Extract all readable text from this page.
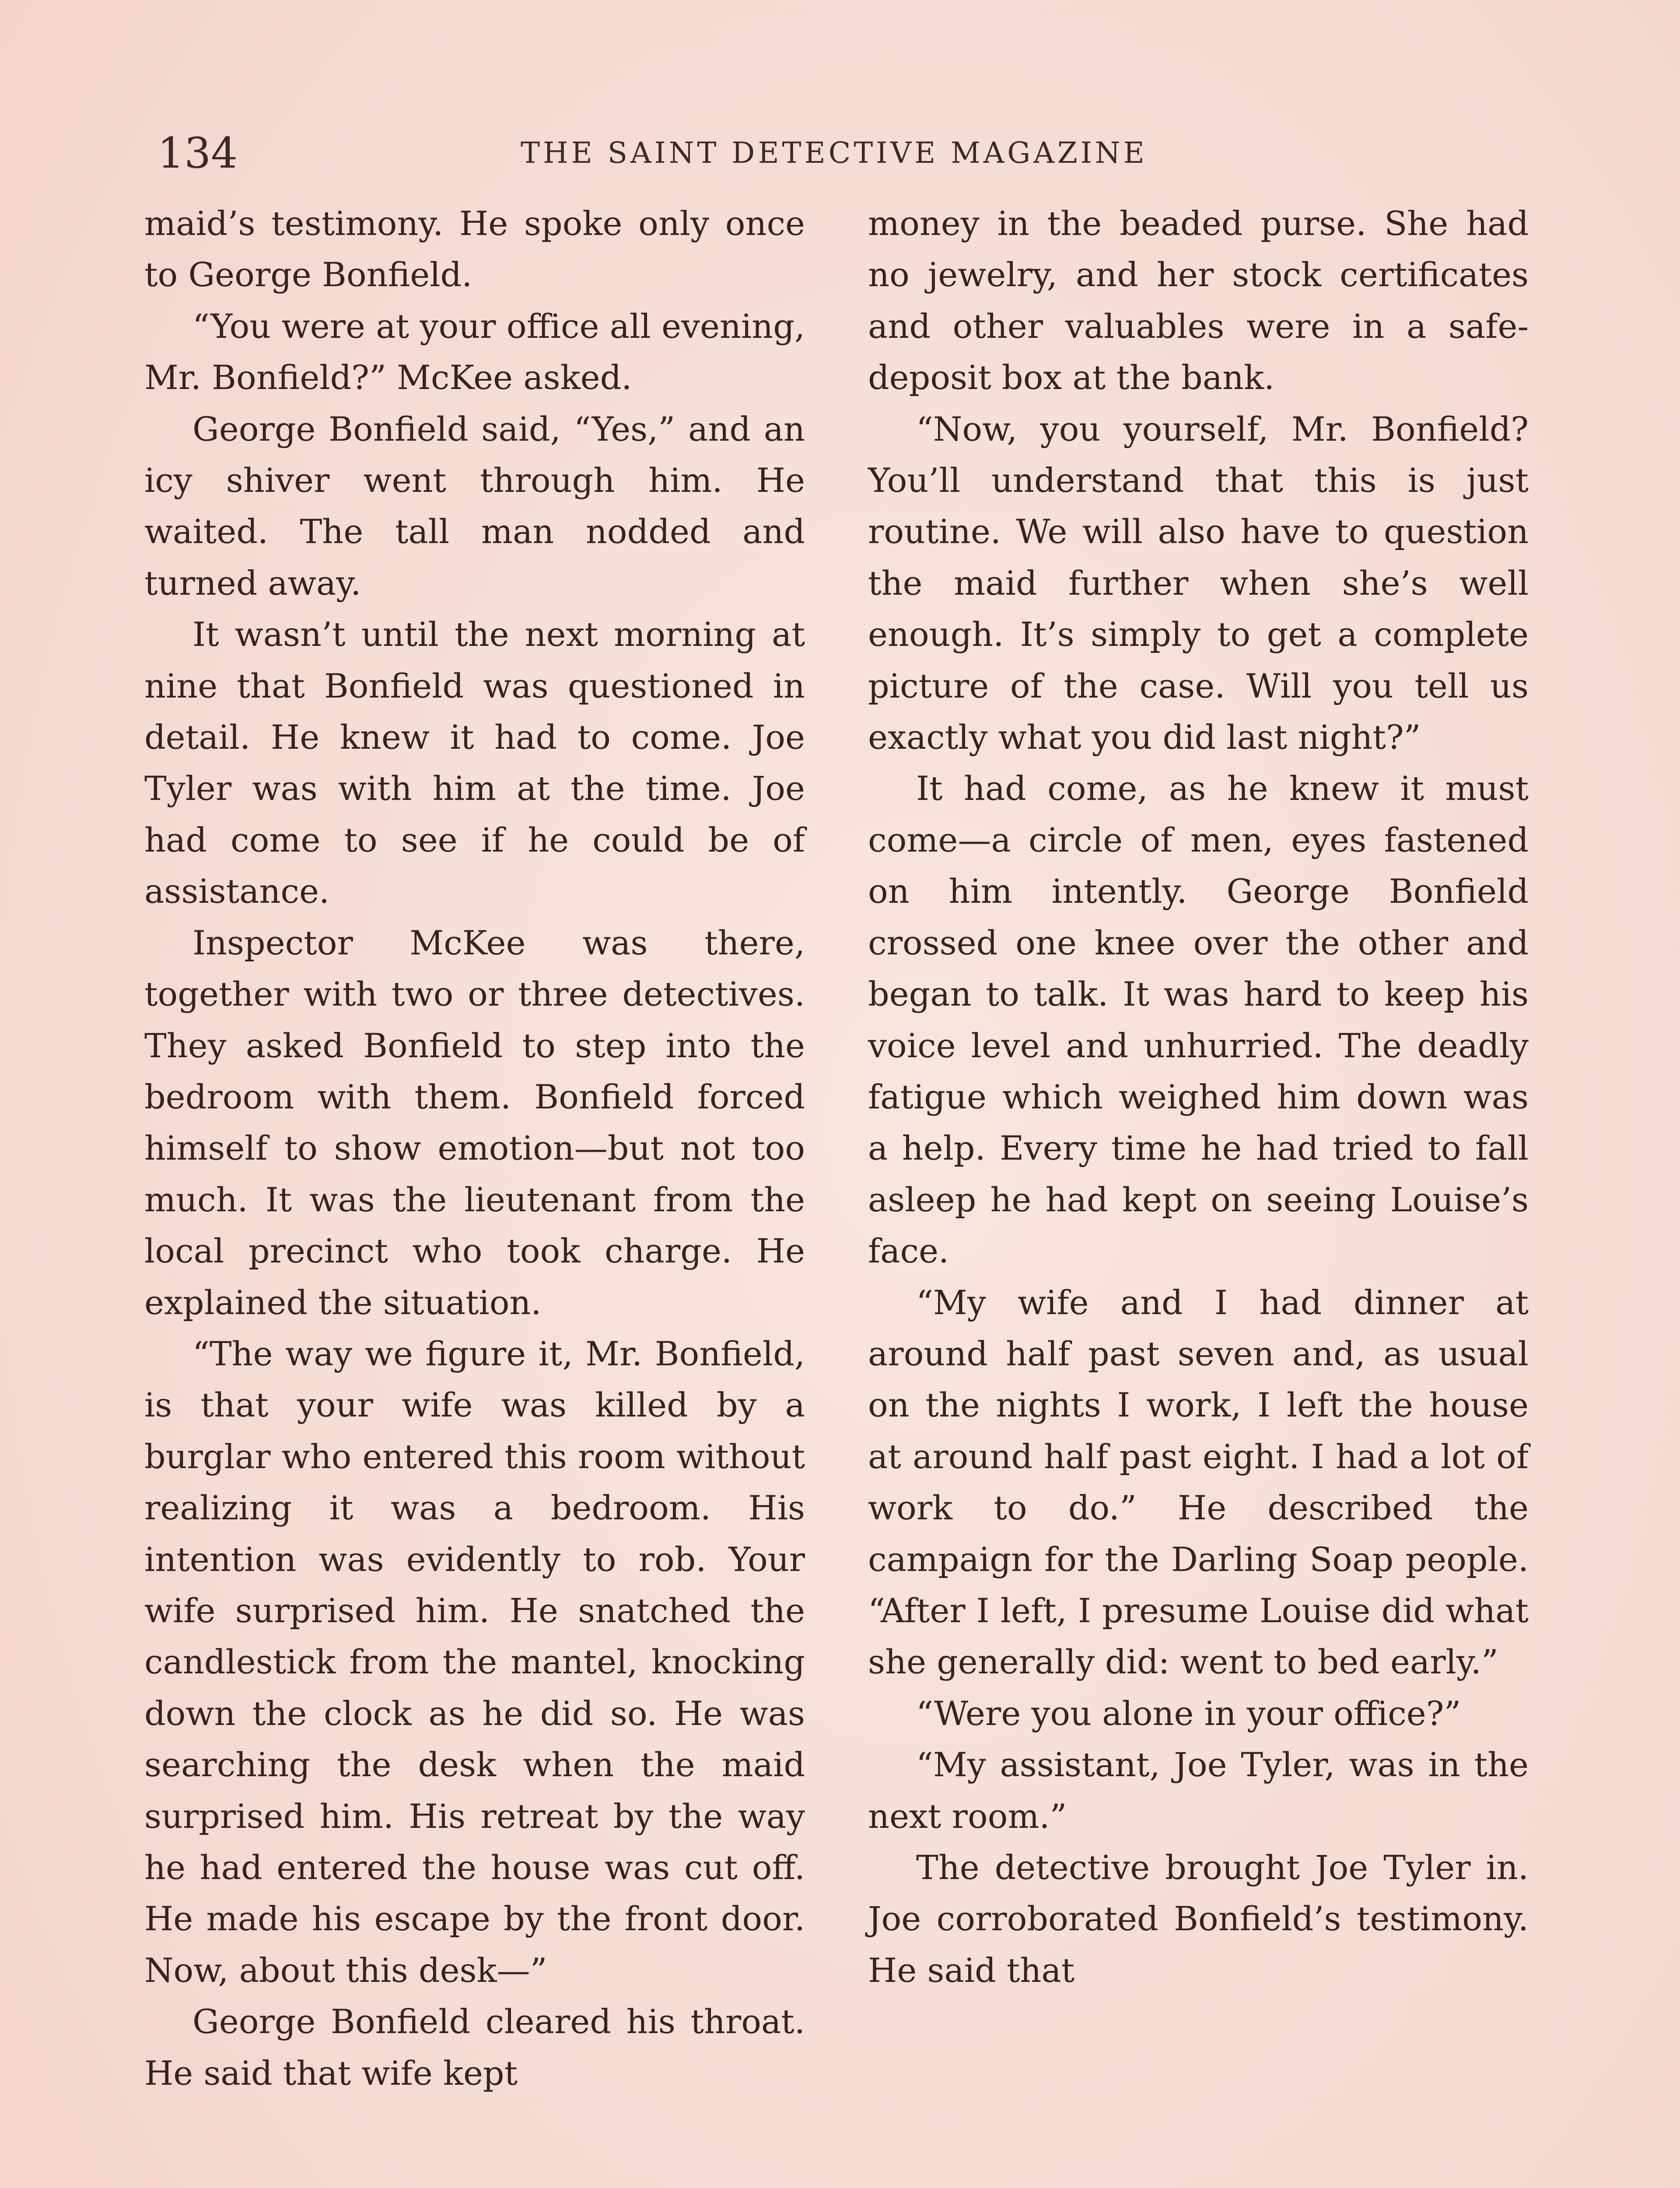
134	THE SAINT DETECTIVE MAGAZINE

maid’s testimony. He spoke only once to George Bonfield.

“You were at your office all evening, Mr. Bonfield?” McKee asked.

George Bonfield said, “Yes,” and an icy shiver went through him. He waited. The tall man nodded and turned away.

It wasn’t until the next morning at nine that Bonfield was questioned in detail. He knew it had to come. Joe Tyler was with him at the time. Joe had come to see if he could be of assistance.

Inspector McKee was there, together with two or three detectives. They asked Bonfield to step into the bedroom with them. Bonfield forced himself to show emotion—but not too much. It was the lieutenant from the local precinct who took charge. He explained the situation.

“The way we figure it, Mr. Bonfield, is that your wife was killed by a burglar who entered this room without realizing it was a bedroom. His intention was evidently to rob. Your wife surprised him. He snatched the candlestick from the mantel, knocking down the clock as he did so. He was searching the desk when the maid surprised him. His retreat by the way he had entered the house was cut off. He made his escape by the front door. Now, about this desk—”

George Bonfield cleared his throat. He said that wife kept

money in the beaded purse. She had no jewelry, and her stock certificates and other valuables were in a safe-deposit box at the bank.

“Now, you yourself, Mr. Bonfield? You’ll understand that this is just routine. We will also have to question the maid further when she’s well enough. It’s simply to get a complete picture of the case. Will you tell us exactly what you did last night?”

It had come, as he knew it must come—a circle of men, eyes fastened on him intently. George Bonfield crossed one knee over the other and began to talk. It was hard to keep his voice level and unhurried. The deadly fatigue which weighed him down was a help. Every time he had tried to fall asleep he had kept on seeing Louise’s face.

“My wife and I had dinner at around half past seven and, as usual on the nights I work, I left the house at around half past eight. I had a lot of work to do.” He described the campaign for the Darling Soap people. “After I left, I presume Louise did what she generally did: went to bed early.”

“Were you alone in your office?”

“My assistant, Joe Tyler, was in the next room.”

The detective brought Joe Tyler in. Joe corroborated Bonfield’s testimony. He said that
